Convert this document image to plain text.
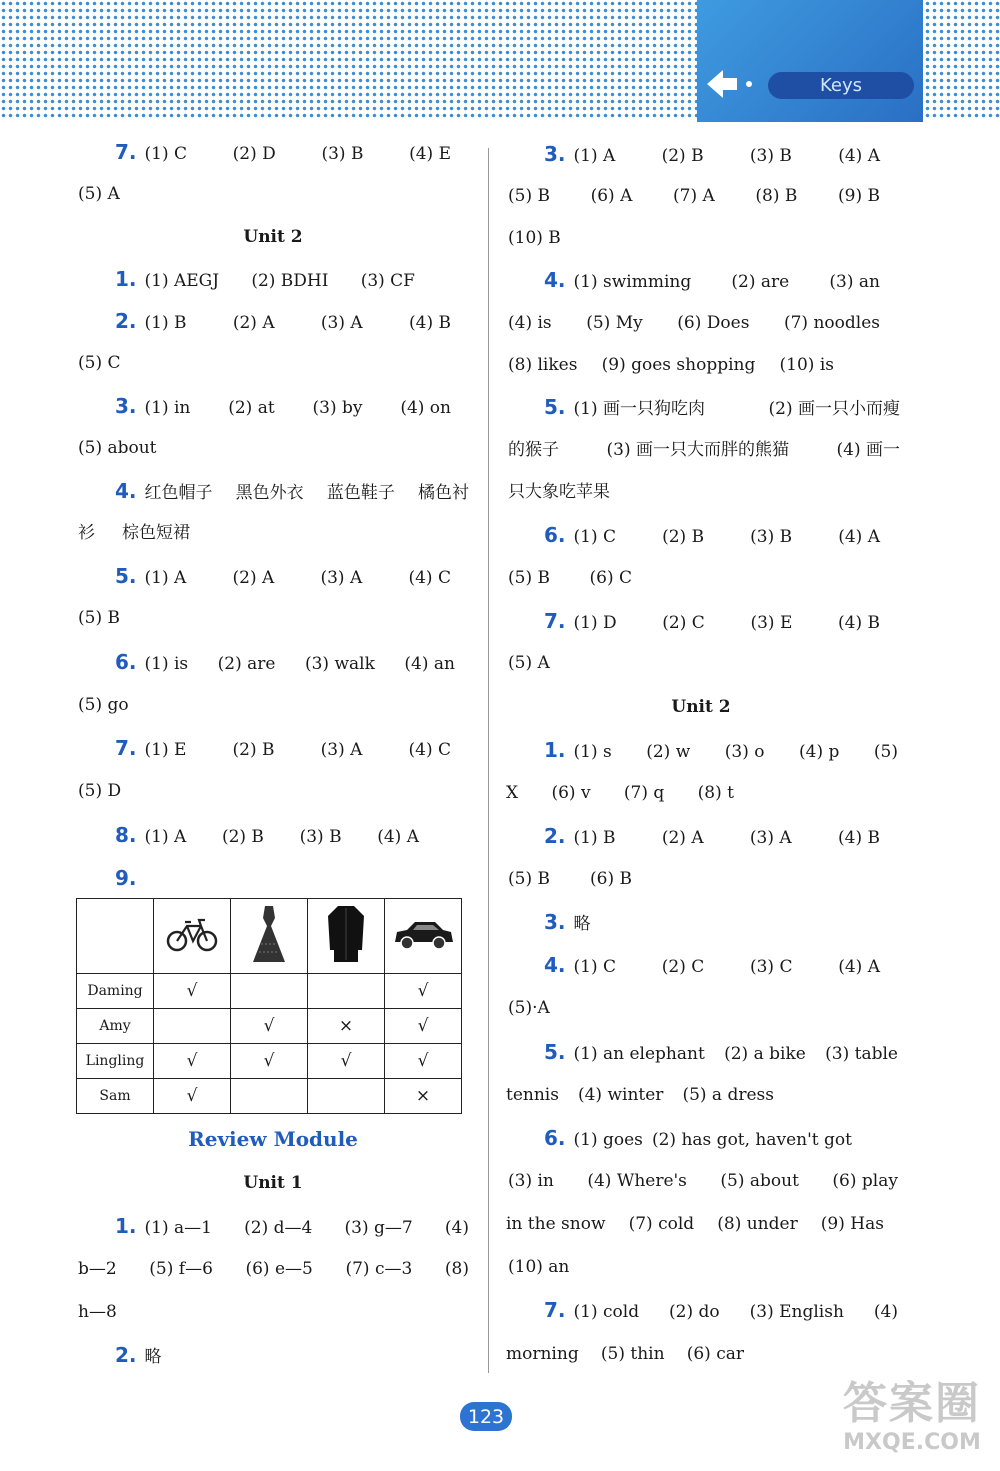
Keys
7. (1) C	(2) D	(3) B	(4) E
(5) A
Unit 2
1. (1) AEGJ (2) BDHI (3) CF
2. (1) B	(2) A	(3) A	(4) B
(5) C
3. (1) in (2) at (3) by (4) on
(5) about
4. 红色帽子 黑色外衣 蓝色鞋子 橘色衬
衫 棕色短裙
5. (1) A	(2) A	(3) A	(4) C
(5) B
6. (1) is (2) are (3) walk (4) an
(5) go
7. (1) E	(2) B	(3) A	(4) C
(5) D
8. (1) A (2) B (3) B (4) A
9.

Daming	√			√
Amy		√	×	√
Lingling	√	√	√	√
Sam	√			×
Review Module
Unit 1
1. (1) a—1 (2) d—4 (3) g—7 (4)
b—2 (5) f—6 (6) e—5 (7) c—3 (8)
h—8
2. 略
3. (1) A	(2) B	(3) B	(4) A
(5) B (6) A (7) A (8) B (9) B
(10) B
4. (1) swimming (2) are (3) an
(4) is (5) My (6) Does (7) noodles
(8) likes (9) goes shopping (10) is
5. (1) 画一只狗吃肉	(2) 画一只小而瘦
的猴子	(3) 画一只大而胖的熊猫	(4) 画一
只大象吃苹果
6. (1) C	(2) B	(3) B	(4) A
(5) B (6) C
7. (1) D	(2) C	(3) E	(4) B
(5) A
Unit 2
1. (1) s (2) w (3) o (4) p (5)
X (6) v (7) q (8) t
2. (1) B	(2) A	(3) A	(4) B
(5) B (6) B
3. 略
4. (1) C	(2) C	(3) C	(4) A
(5)·A
5. (1) an elephant (2) a bike (3) table
tennis (4) winter (5) a dress
6. (1) goes (2) has got, haven't got
(3) in (4) Where's (5) about (6) play
in the snow (7) cold (8) under (9) Has
(10) an
7. (1) cold (2) do (3) English (4)
morning (5) thin (6) car
123	答案圈
MXQE.COM
